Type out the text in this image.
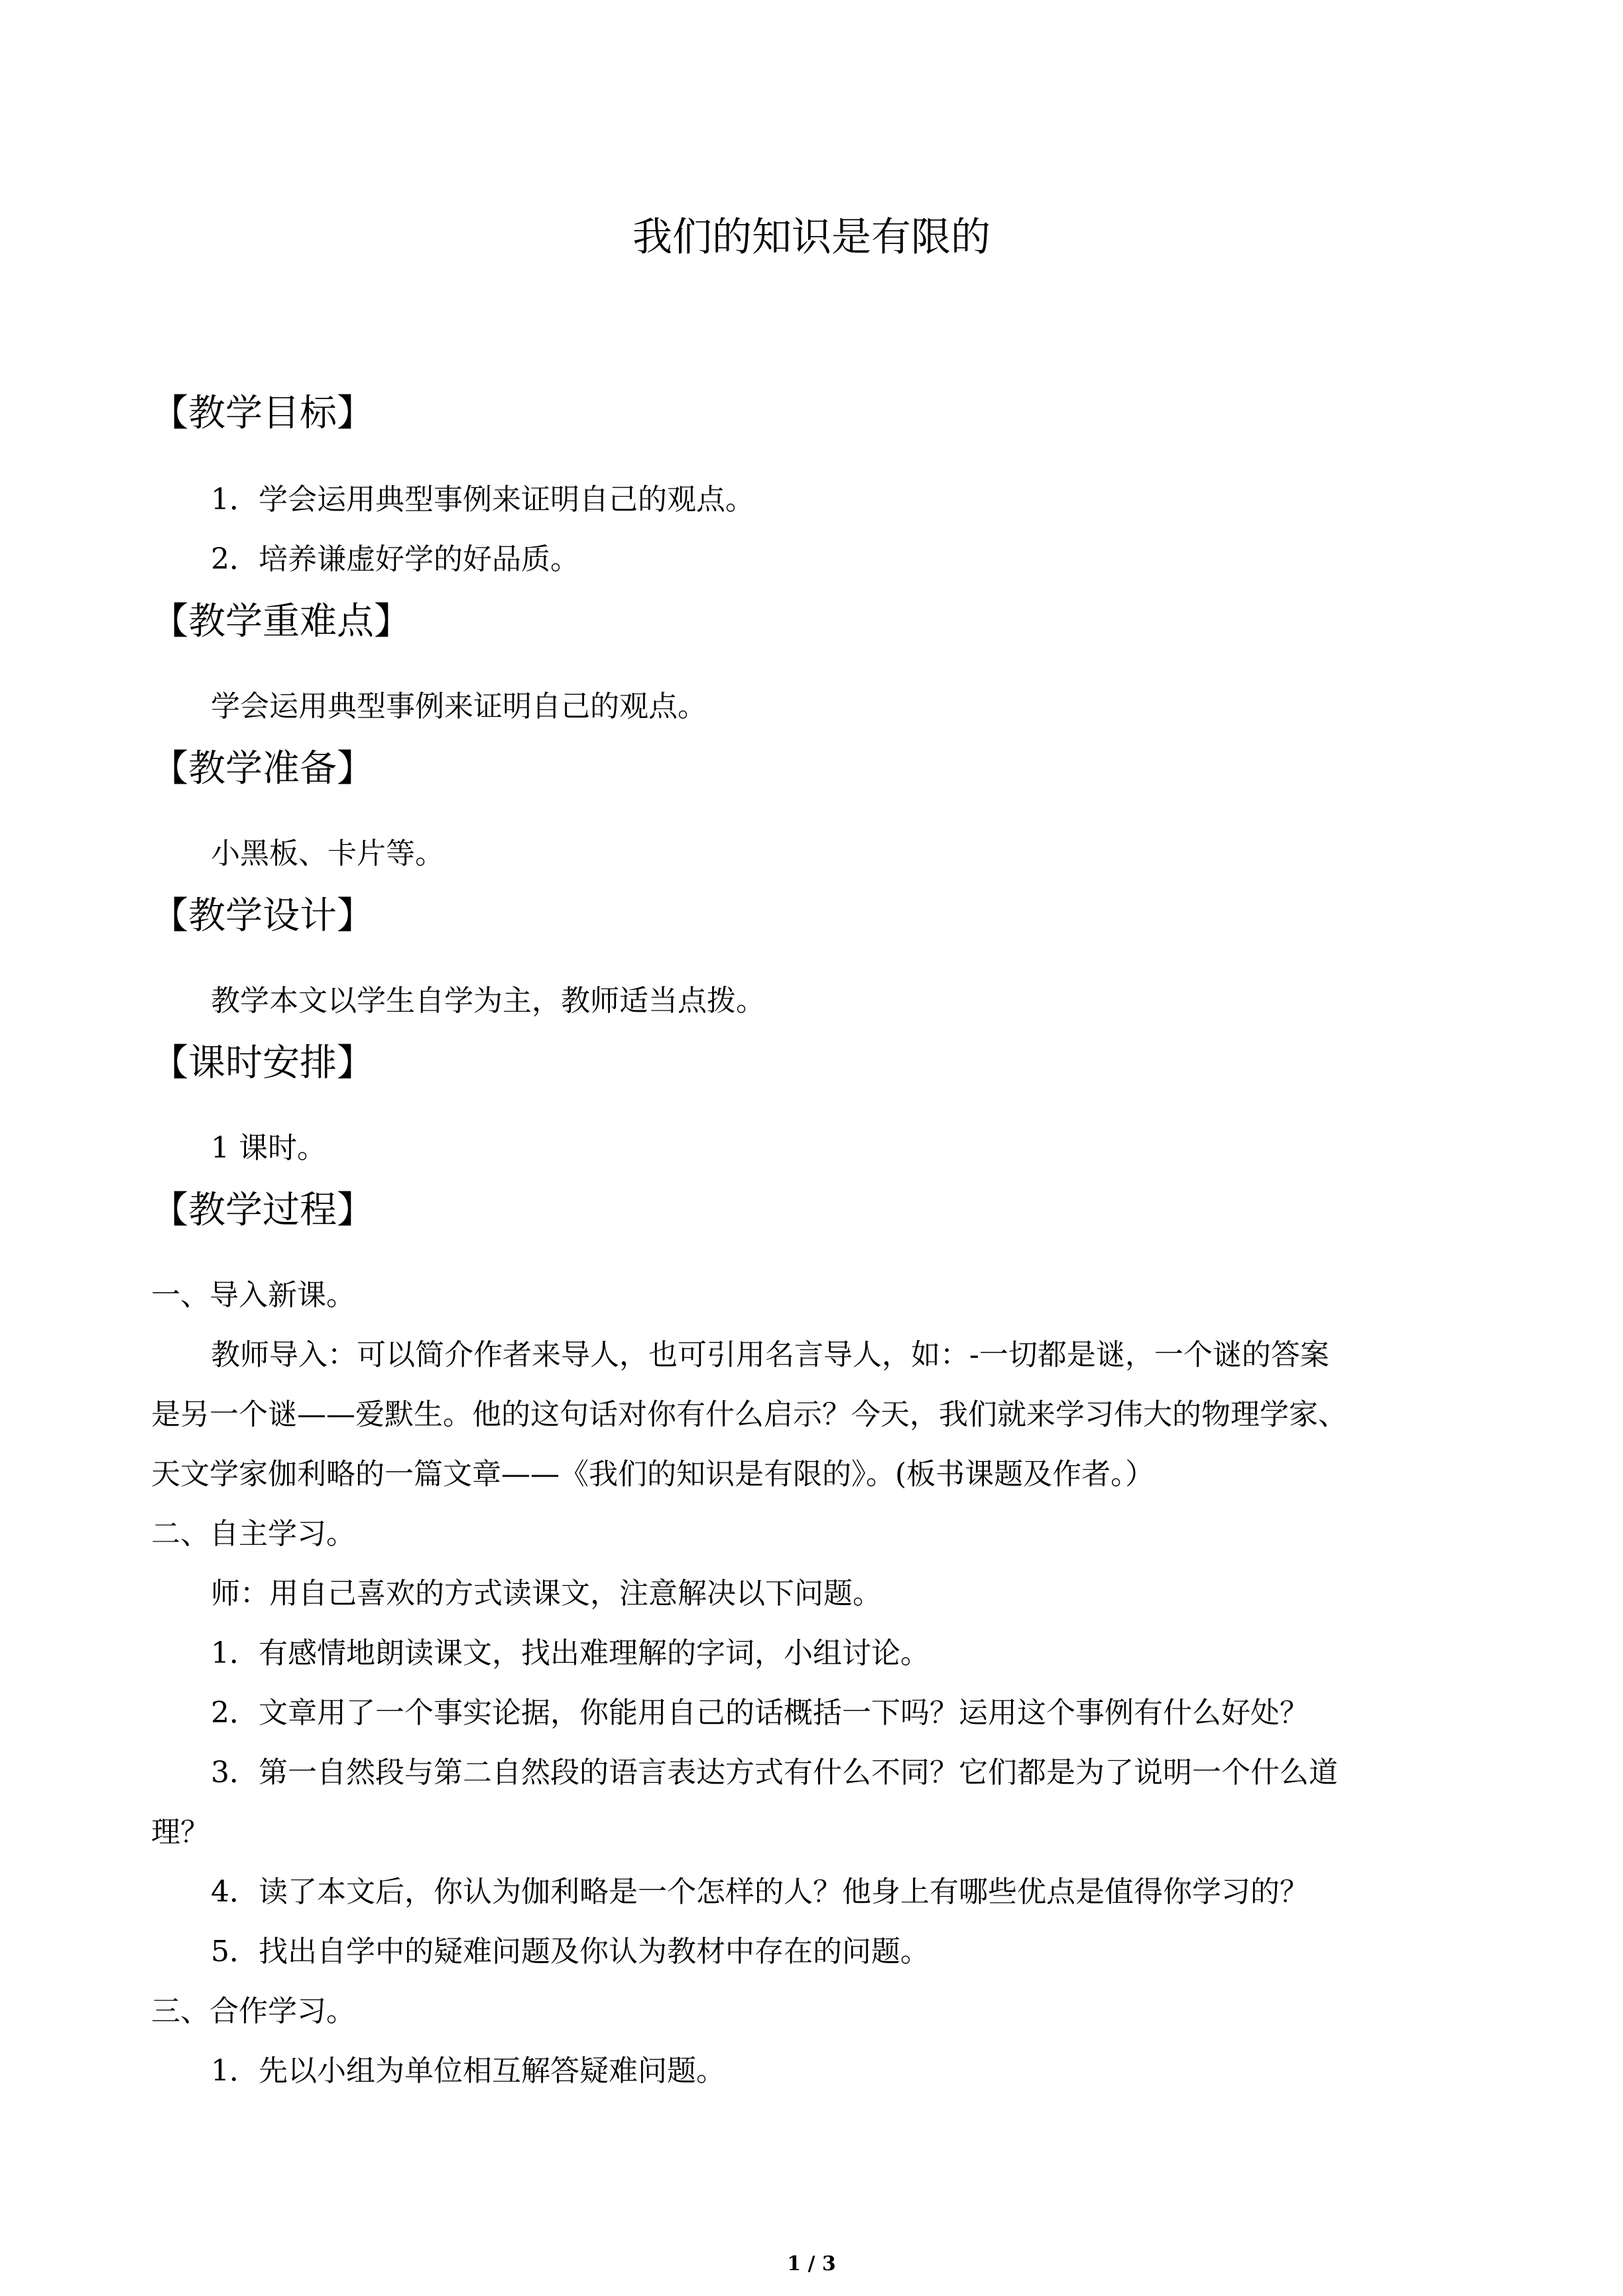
我们的知识是有限的
【教学目标】
1．学会运用典型事例来证明自己的观点。
2．培养谦虚好学的好品质。
【教学重难点】
学会运用典型事例来证明自己的观点。
【教学准备】
小黑板、卡片等。
【教学设计】
教学本文以学生自学为主，教师适当点拨。
【课时安排】
1 课时。
【教学过程】
一、导入新课。
教师导入：可以简介作者来导人，也可引用名言导人，如：-一切都是谜，一个谜的答案
是另一个谜——爱默生。他的这句话对你有什么启示？今天，我们就来学习伟大的物理学家、
天文学家伽利略的一篇文章——《我们的知识是有限的》。(板书课题及作者。）
二、自主学习。
师：用自己喜欢的方式读课文，注意解决以下问题。
1．有感情地朗读课文，找出难理解的字词，小组讨论。
2．文章用了一个事实论据，你能用自己的话概括一下吗？运用这个事例有什么好处？
3．第一自然段与第二自然段的语言表达方式有什么不同？它们都是为了说明一个什么道
理？
4．读了本文后，你认为伽利略是一个怎样的人？他身上有哪些优点是值得你学习的？
5．找出自学中的疑难问题及你认为教材中存在的问题。
三、合作学习。
1．先以小组为单位相互解答疑难问题。
1 / 3
